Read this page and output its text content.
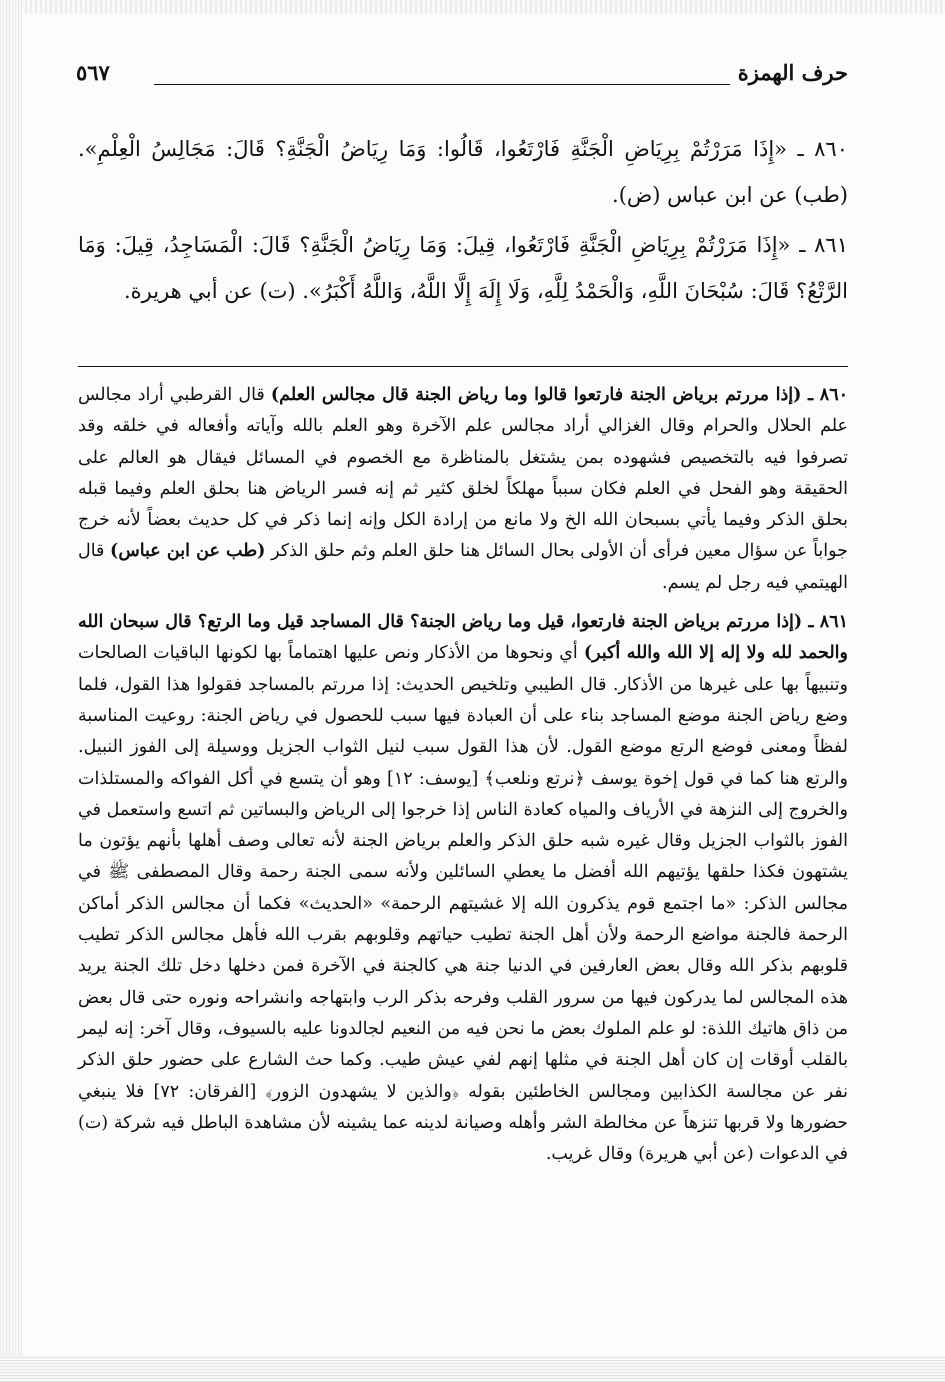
حرف الهمزة
٥٦٧

٨٦٠ ـ «إِذَا مَرَرْتُمْ بِرِيَاضِ الْجَنَّةِ فَارْتَعُوا، قَالُوا: وَمَا رِيَاضُ الْجَنَّةِ؟ قَالَ: مَجَالِسُ الْعِلْمِ». (طب) عن ابن عباس (ض).

٨٦١ ـ «إِذَا مَرَرْتُمْ بِرِيَاضِ الْجَنَّةِ فَارْتَعُوا، قِيلَ: وَمَا رِيَاضُ الْجَنَّةِ؟ قَالَ: الْمَسَاجِدُ، قِيلَ: وَمَا الرَّتْعُ؟ قَالَ: سُبْحَانَ اللَّهِ، وَالْحَمْدُ لِلَّهِ، وَلَا إِلَهَ إِلَّا اللَّهُ، وَاللَّهُ أَكْبَرُ». (ت) عن أبي هريرة.

٨٦٠ ـ (إذا مررتم برياض الجنة فارتعوا قالوا وما رياض الجنة قال مجالس العلم) قال القرطبي أراد مجالس علم الحلال والحرام وقال الغزالي أراد مجالس علم الآخرة وهو العلم بالله وآياته وأفعاله في خلقه وقد تصرفوا فيه بالتخصيص فشهوده بمن يشتغل بالمناظرة مع الخصوم في المسائل فيقال هو العالم على الحقيقة وهو الفحل في العلم فكان سبباً مهلكاً لخلق كثير ثم إنه فسر الرياض هنا بحلق العلم وفيما قبله بحلق الذكر وفيما يأتي بسبحان الله الخ ولا مانع من إرادة الكل وإنه إنما ذكر في كل حديث بعضاً لأنه خرج جواباً عن سؤال معين فرأى أن الأولى بحال السائل هنا حلق العلم وثم حلق الذكر (طب عن ابن عباس) قال الهيتمي فيه رجل لم يسم.

٨٦١ ـ (إذا مررتم برياض الجنة فارتعوا، قيل وما رياض الجنة؟ قال المساجد قيل وما الرتع؟ قال سبحان الله والحمد لله ولا إله إلا الله والله أكبر) أي ونحوها من الأذكار ونص عليها اهتماماً بها لكونها الباقيات الصالحات وتنبيهاً بها على غيرها من الأذكار. قال الطيبي وتلخيص الحديث: إذا مررتم بالمساجد فقولوا هذا القول، فلما وضع رياض الجنة موضع المساجد بناء على أن العبادة فيها سبب للحصول في رياض الجنة: روعيت المناسبة لفظاً ومعنى فوضع الرتع موضع القول. لأن هذا القول سبب لنيل الثواب الجزيل ووسيلة إلى الفوز النبيل. والرتع هنا كما في قول إخوة يوسف ﴿نرتع ونلعب﴾ [يوسف: ١٢] وهو أن يتسع في أكل الفواكه والمستلذات والخروج إلى النزهة في الأرياف والمياه كعادة الناس إذا خرجوا إلى الرياض والبساتين ثم اتسع واستعمل في الفوز بالثواب الجزيل وقال غيره شبه حلق الذكر والعلم برياض الجنة لأنه تعالى وصف أهلها بأنهم يؤتون ما يشتهون فكذا حلقها يؤتيهم الله أفضل ما يعطي السائلين ولأنه سمى الجنة رحمة وقال المصطفى ﷺ في مجالس الذكر: «ما اجتمع قوم يذكرون الله إلا غشيتهم الرحمة» «الحديث» فكما أن مجالس الذكر أماكن الرحمة فالجنة مواضع الرحمة ولأن أهل الجنة تطيب حياتهم وقلوبهم بقرب الله فأهل مجالس الذكر تطيب قلوبهم بذكر الله وقال بعض العارفين في الدنيا جنة هي كالجنة في الآخرة فمن دخلها دخل تلك الجنة يريد هذه المجالس لما يدركون فيها من سرور القلب وفرحه بذكر الرب وابتهاجه وانشراحه ونوره حتى قال بعض من ذاق هاتيك اللذة: لو علم الملوك بعض ما نحن فيه من النعيم لجالدونا عليه بالسيوف، وقال آخر: إنه ليمر بالقلب أوقات إن كان أهل الجنة في مثلها إنهم لفي عيش طيب. وكما حث الشارع على حضور حلق الذكر نفر عن مجالسة الكذابين ومجالس الخاطئين بقوله ﴿والذين لا يشهدون الزور﴾ [الفرقان: ٧٢] فلا ينبغي حضورها ولا قربها تنزهاً عن مخالطة الشر وأهله وصيانة لدينه عما يشينه لأن مشاهدة الباطل فيه شركة (ت) في الدعوات (عن أبي هريرة) وقال غريب.
